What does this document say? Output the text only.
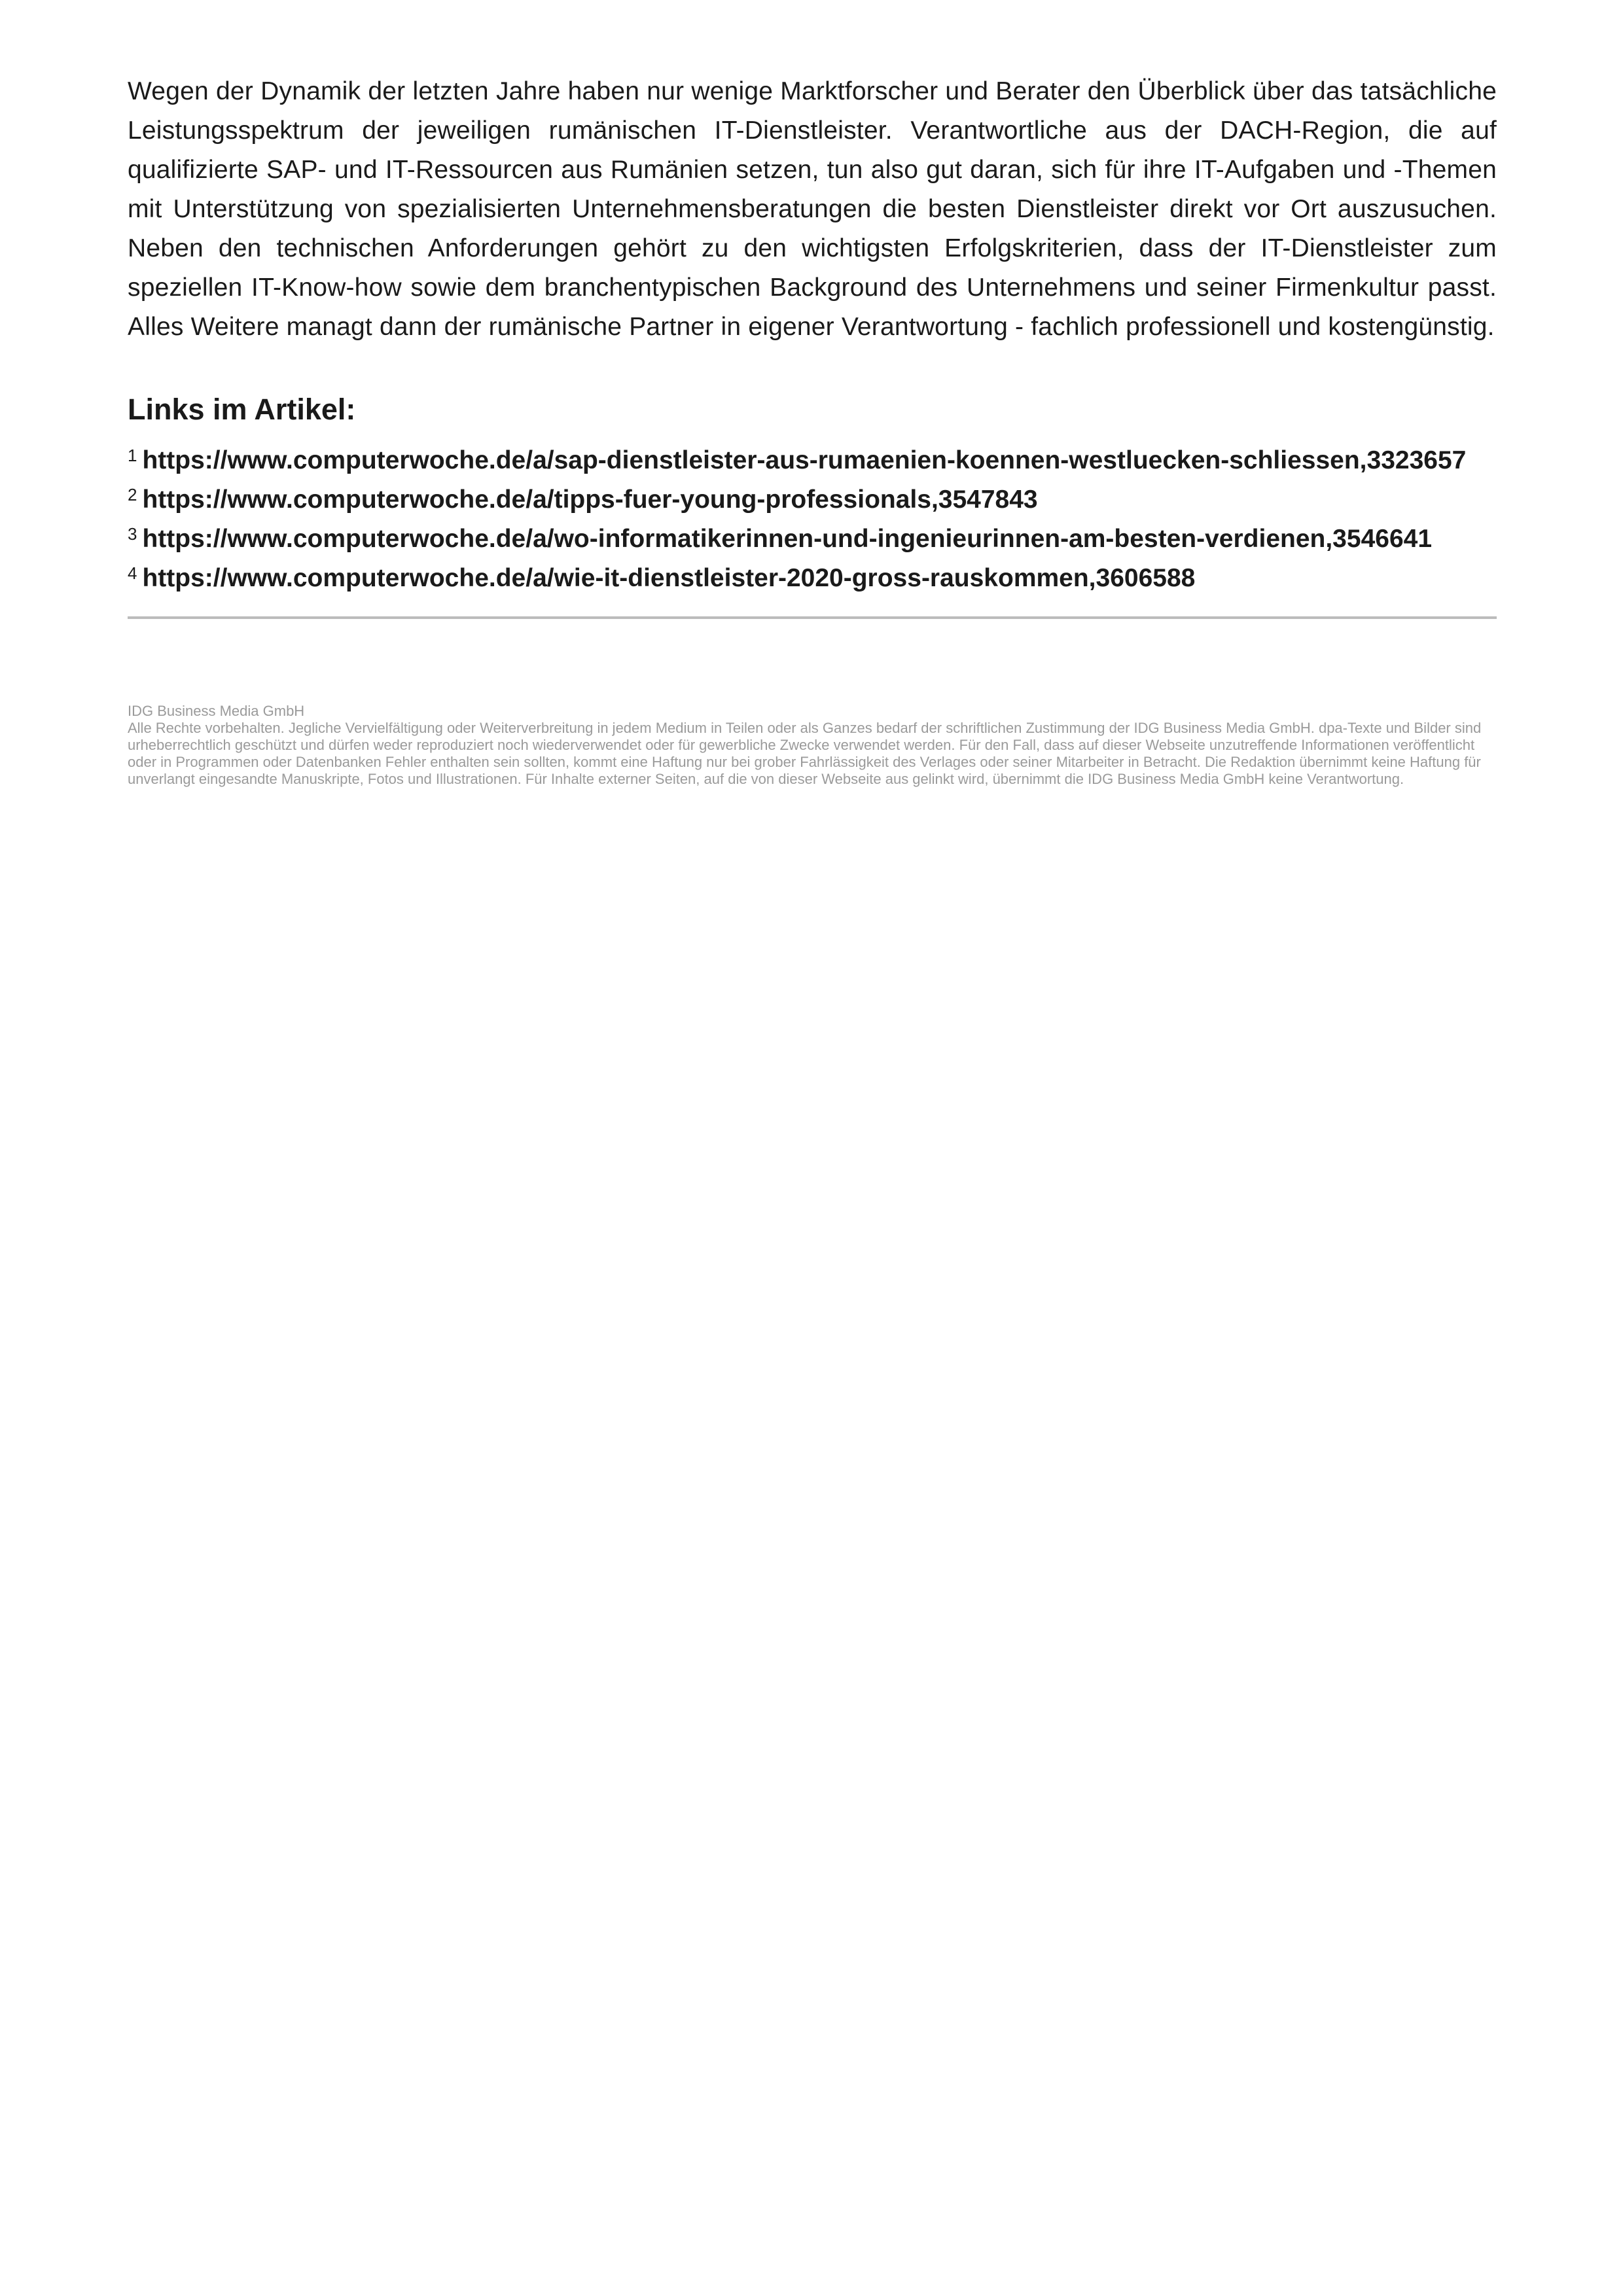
Wegen der Dynamik der letzten Jahre haben nur wenige Marktforscher und Berater den Überblick über das tatsächliche Leistungsspektrum der jeweiligen rumänischen IT-Dienstleister. Verantwortliche aus der DACH-Region, die auf qualifizierte SAP- und IT-Ressourcen aus Rumänien setzen, tun also gut daran, sich für ihre IT-Aufgaben und -Themen mit Unterstützung von spezialisierten Unternehmensberatungen die besten Dienstleister direkt vor Ort auszusuchen. Neben den technischen Anforderungen gehört zu den wichtigsten Erfolgskriterien, dass der IT-Dienstleister zum speziellen IT-Know-how sowie dem branchentypischen Background des Unternehmens und seiner Firmenkultur passt. Alles Weitere managt dann der rumänische Partner in eigener Verantwortung - fachlich professionell und kostengünstig.

Links im Artikel:
$^1$ https://www.computerwoche.de/a/sap-dienstleister-aus-rumaenien-koennen-westluecken-schliessen,3323657
$^2$ https://www.computerwoche.de/a/tipps-fuer-young-professionals,3547843
$^3$ https://www.computerwoche.de/a/wo-informatikerinnen-und-ingenieurinnen-am-besten-verdienen,3546641
$^4$ https://www.computerwoche.de/a/wie-it-dienstleister-2020-gross-rauskommen,3606588

IDG Business Media GmbH

Alle Rechte vorbehalten. Jegliche Vervielfältigung oder Weiterverbreitung in jedem Medium in Teilen oder als Ganzes bedarf der schriftlichen Zustimmung der IDG Business Media GmbH. dpa-Texte und Bilder sind urheberrechtlich geschützt und dürfen weder reproduziert noch wiederverwendet oder für gewerbliche Zwecke verwendet werden. Für den Fall, dass auf dieser Webseite unzutreffende Informationen veröffentlicht oder in Programmen oder Datenbanken Fehler enthalten sein sollten, kommt eine Haftung nur bei grober Fahrlässigkeit des Verlages oder seiner Mitarbeiter in Betracht. Die Redaktion übernimmt keine Haftung für unverlangt eingesandte Manuskripte, Fotos und Illustrationen. Für Inhalte externer Seiten, auf die von dieser Webseite aus gelinkt wird, übernimmt die IDG Business Media GmbH keine Verantwortung.
